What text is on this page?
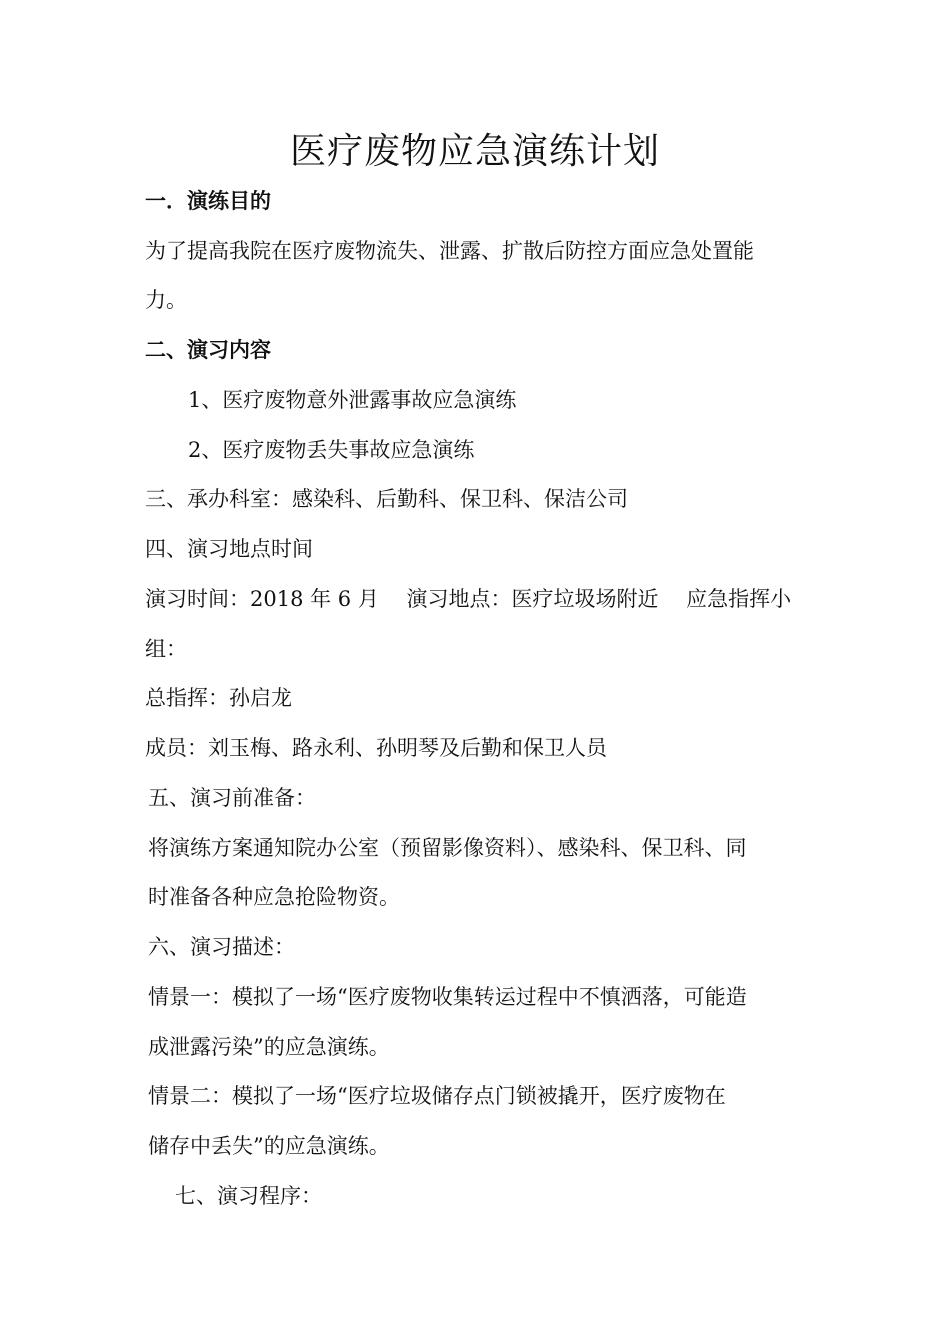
医疗废物应急演练计划
一．演练目的
为了提高我院在医疗废物流失、泄露、扩散后防控方面应急处置能
力。
二、演习内容
1、医疗废物意外泄露事故应急演练
2、医疗废物丢失事故应急演练
三、承办科室：感染科、后勤科、保卫科、保洁公司
四、演习地点时间
演习时间：2018 年 6 月　 演习地点：医疗垃圾场附近　 应急指挥小
组：
总指挥：孙启龙
成员：刘玉梅、路永利、孙明琴及后勤和保卫人员
五、演习前准备：
将演练方案通知院办公室（预留影像资料）、感染科、保卫科、同
时准备各种应急抢险物资。
六、演习描述：
情景一：模拟了一场“医疗废物收集转运过程中不慎洒落，可能造
成泄露污染”的应急演练。
情景二：模拟了一场“医疗垃圾储存点门锁被撬开，医疗废物在
储存中丢失”的应急演练。
七、演习程序：
